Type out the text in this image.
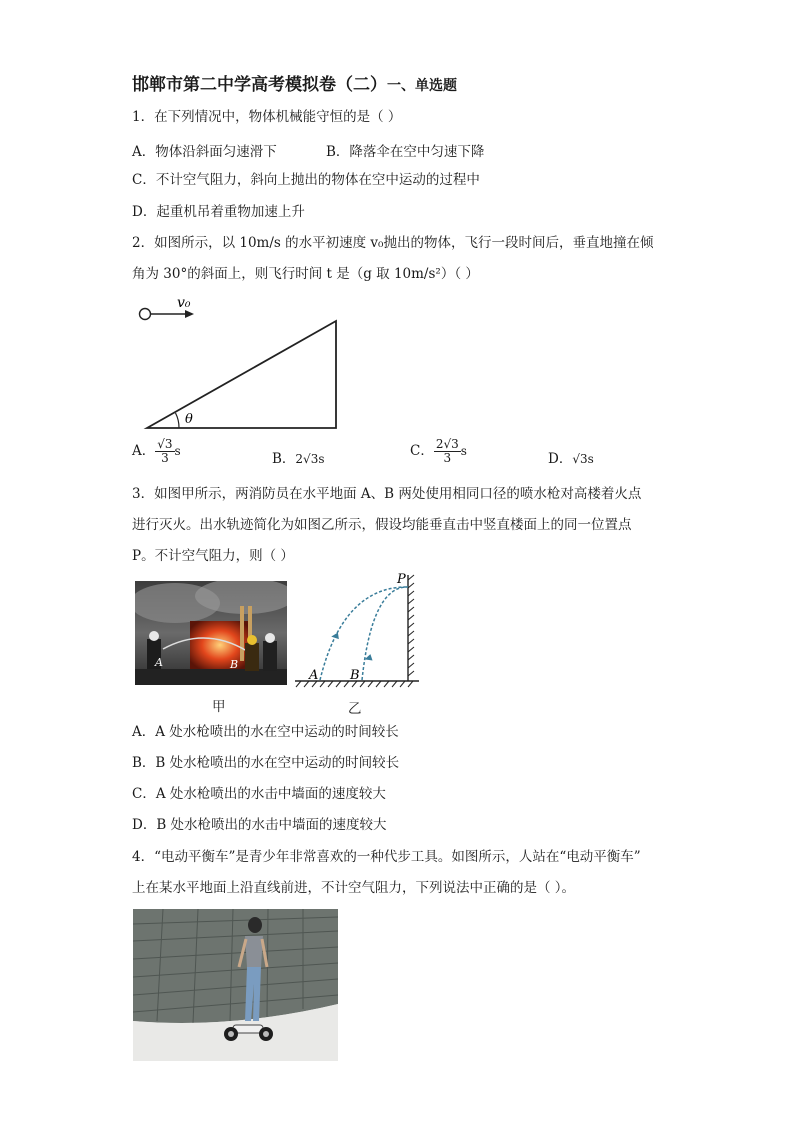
邯郸市第二中学高考模拟卷（二）一、单选题
1．在下列情况中，物体机械能守恒的是（ ）
A．物体沿斜面匀速滑下	B．降落伞在空中匀速下降
C．不计空气阻力，斜向上抛出的物体在空中运动的过程中
D．起重机吊着重物加速上升
2．如图所示，以 10m/s 的水平初速度 v₀抛出的物体，飞行一段时间后，垂直地撞在倾
角为 30°的斜面上，则飞行时间 t 是（g 取 10m/s²）（ ）
v₀
θ
A． $\frac{√3}{3}$ s	B．2√3s	C． $\frac{2√3}{3}$ s	D．√3s
3．如图甲所示，两消防员在水平地面 A、B 两处使用相同口径的喷水枪对高楼着火点
进行灭火。出水轨迹简化为如图乙所示，假设均能垂直击中竖直楼面上的同一位置点
P。不计空气阻力，则（ ）
A	B
P
A B
甲	乙
A．A 处水枪喷出的水在空中运动的时间较长
B．B 处水枪喷出的水在空中运动的时间较长
C．A 处水枪喷出的水击中墙面的速度较大
D．B 处水枪喷出的水击中墙面的速度较大
4．“电动平衡车”是青少年非常喜欢的一种代步工具。如图所示，人站在“电动平衡车”
上在某水平地面上沿直线前进，不计空气阻力，下列说法中正确的是（ ）。
